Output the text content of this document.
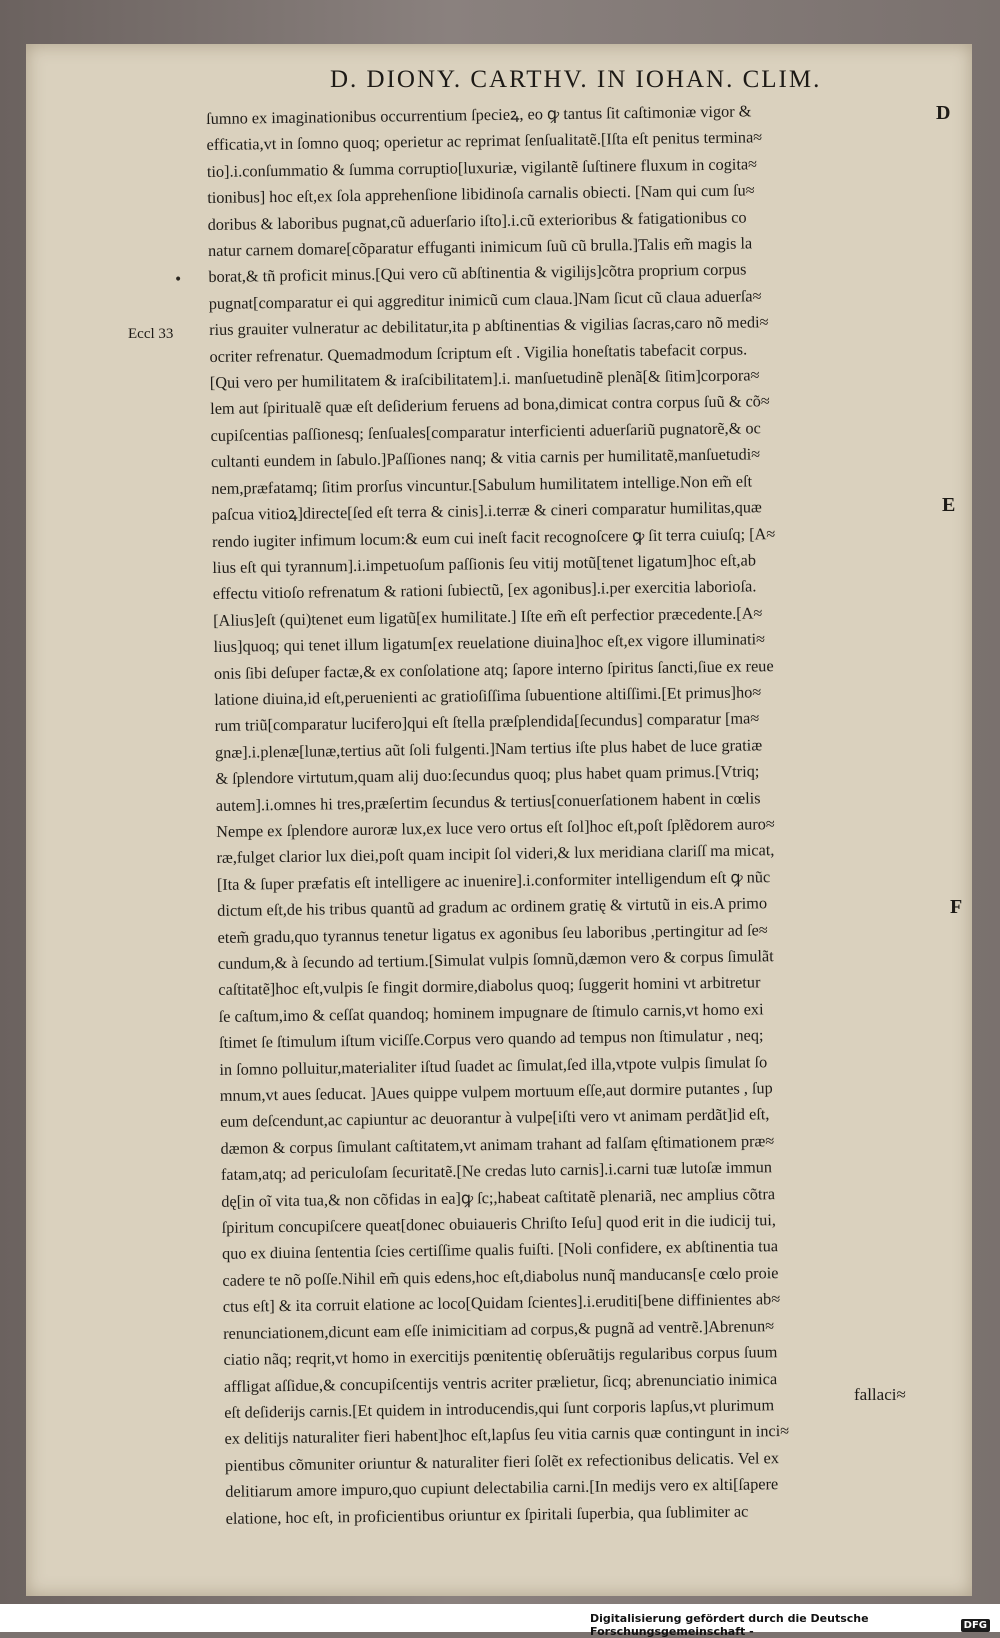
D. DIONY. CARTHV. IN IOHAN. CLIM.
D
E
F
Eccl 33
•
ſumno ex imaginationibus occurrentium ſpecieꝝ, eo ꝙ tantus ſit caſtimoniæ vigor &
efficatia,vt in ſomno quoq; operietur ac reprimat ſenſualitatẽ.[Iſta eſt penitus termina≈
tio].i.conſummatio & ſumma corruptio[luxuriæ, vigilantẽ ſuſtinere fluxum in cogita≈
tionibus] hoc eſt,ex ſola apprehenſione libidinoſa carnalis obiecti. [Nam qui cum ſu≈
doribus & laboribus pugnat,cũ aduerſario iſto].i.cũ exterioribus & fatigationibus co
natur carnem domare[cõparatur effuganti inimicum ſuũ cũ brulla.]Talis em̃ magis la
borat,& tñ proficit minus.[Qui vero cũ abſtinentia & vigilijs]cõtra proprium corpus
pugnat[comparatur ei qui aggreditur inimicũ cum claua.]Nam ſicut cũ claua aduerſa≈
rius grauiter vulneratur ac debilitatur,ita p abſtinentias & vigilias ſacras,caro nõ medi≈
ocriter refrenatur. Quemadmodum ſcriptum eſt . Vigilia honeſtatis tabefacit corpus.
[Qui vero per humilitatem & iraſcibilitatem].i. manſuetudinẽ plenã[& ſitim]corpora≈
lem aut ſpiritualẽ quæ eſt deſiderium feruens ad bona,dimicat contra corpus ſuũ & cõ≈
cupiſcentias paſſionesq; ſenſuales[comparatur interficienti aduerſariũ pugnatorẽ,& oc
cultanti eundem in ſabulo.]Paſſiones nanq; & vitia carnis per humilitatẽ,manſuetudi≈
nem,præfatamq; ſitim prorſus vincuntur.[Sabulum humilitatem intellige.Non em̃ eſt
paſcua vitioꝝ]directe[ſed eſt terra & cinis].i.terræ & cineri comparatur humilitas,quæ
rendo iugiter infimum locum:& eum cui ineſt facit recognoſcere ꝙ ſit terra cuiuſq; [A≈
lius eſt qui tyrannum].i.impetuoſum paſſionis ſeu vitij motũ[tenet ligatum]hoc eſt,ab
effectu vitioſo refrenatum & rationi ſubiectũ, [ex agonibus].i.per exercitia laborioſa.
[Alius]eſt (qui)tenet eum ligatũ[ex humilitate.] Iſte em̃ eſt perfectior præcedente.[A≈
lius]quoq; qui tenet illum ligatum[ex reuelatione diuina]hoc eſt,ex vigore illuminati≈
onis ſibi deſuper factæ,& ex conſolatione atq; ſapore interno ſpiritus ſancti,ſiue ex reue
latione diuina,id eſt,peruenienti ac gratioſiſſima ſubuentione altiſſimi.[Et primus]ho≈
rum triũ[comparatur lucifero]qui eſt ſtella præſplendida[ſecundus] comparatur [ma≈
gnæ].i.plenæ[lunæ,tertius aũt ſoli fulgenti.]Nam tertius iſte plus habet de luce gratiæ
& ſplendore virtutum,quam alij duo:ſecundus quoq; plus habet quam primus.[Vtriq;
autem].i.omnes hi tres,præſertim ſecundus & tertius[conuerſationem habent in cœlis
Nempe ex ſplendore auroræ lux,ex luce vero ortus eſt ſol]hoc eſt,poſt ſplẽdorem auro≈
ræ,fulget clarior lux diei,poſt quam incipit ſol videri,& lux meridiana clariſſ ma micat,
[Ita & ſuper præfatis eſt intelligere ac inuenire].i.conformiter intelligendum eſt ꝙ nũc
dictum eſt,de his tribus quantũ ad gradum ac ordinem gratię & virtutũ in eis.A primo
etem̃ gradu,quo tyrannus tenetur ligatus ex agonibus ſeu laboribus ,pertingitur ad ſe≈
cundum,& à ſecundo ad tertium.[Simulat vulpis ſomnũ,dæmon vero & corpus ſimulãt
caſtitatẽ]hoc eſt,vulpis ſe fingit dormire,diabolus quoq; ſuggerit homini vt arbitretur
ſe caſtum,imo & ceſſat quandoq; hominem impugnare de ſtimulo carnis,vt homo exi
ſtimet ſe ſtimulum iſtum viciſſe.Corpus vero quando ad tempus non ſtimulatur , neq;
in ſomno polluitur,materialiter iſtud ſuadet ac ſimulat,ſed illa,vtpote vulpis ſimulat ſo
mnum,vt aues ſeducat. ]Aues quippe vulpem mortuum eſſe,aut dormire putantes , ſup
eum deſcendunt,ac capiuntur ac deuorantur à vulpe[iſti vero vt animam perdãt]id eſt,
dæmon & corpus ſimulant caſtitatem,vt animam trahant ad falſam ęſtimationem præ≈
fatam,atq; ad periculoſam ſecuritatẽ.[Ne credas luto carnis].i.carni tuæ lutoſæ immun
dę[in oĩ vita tua,& non cõfidas in ea]ꝙ ſc;,habeat caſtitatẽ plenariã, nec amplius cõtra
ſpiritum concupiſcere queat[donec obuiaueris Chriſto Ieſu] quod erit in die iudicij tui,
quo ex diuina ſententia ſcies certiſſime qualis fuiſti. [Noli confidere, ex abſtinentia tua
cadere te nõ poſſe.Nihil em̃ quis edens,hoc eſt,diabolus nunq̃ manducans[e cœlo proie
ctus eſt] & ita corruit elatione ac loco[Quidam ſcientes].i.eruditi[bene diffinientes ab≈
renunciationem,dicunt eam eſſe inimicitiam ad corpus,& pugnã ad ventrẽ.]Abrenun≈
ciatio nãq; reqrit,vt homo in exercitijs pœnitentię obſeruãtijs regularibus corpus ſuum
affligat aſſidue,& concupiſcentijs ventris acriter prælietur, ſicq; abrenunciatio inimica
eſt deſiderijs carnis.[Et quidem in introducendis,qui ſunt corporis lapſus,vt plurimum
ex delitijs naturaliter fieri habent]hoc eſt,lapſus ſeu vitia carnis quæ contingunt in inci≈
pientibus cõmuniter oriuntur & naturaliter fieri ſolẽt ex refectionibus delicatis. Vel ex
delitiarum amore impuro,quo cupiunt delectabilia carni.[In medijs vero ex alti[ſapere
elatione, hoc eſt, in proficientibus oriuntur ex ſpiritali ſuperbia, qua ſublimiter ac
fallaci≈
Digitalisierung gefördert durch die Deutsche Forschungsgemeinschaft -	DFG
